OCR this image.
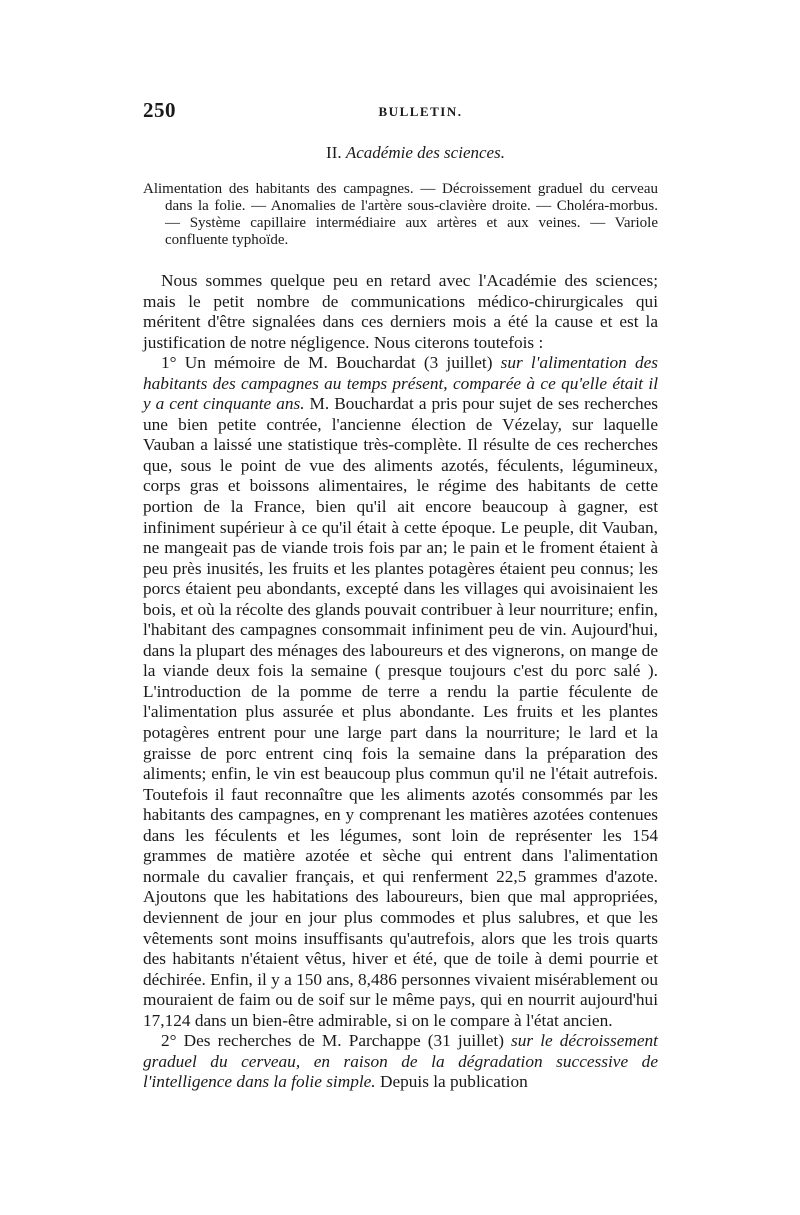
250	BULLETIN.
II. Académie des sciences.
Alimentation des habitants des campagnes. — Décroissement graduel du cerveau dans la folie. — Anomalies de l'artère sous-clavière droite. — Choléra-morbus. — Système capillaire intermédiaire aux artères et aux veines. — Variole confluente typhoïde.

Nous sommes quelque peu en retard avec l'Académie des sciences; mais le petit nombre de communications médico-chirurgicales qui méritent d'être signalées dans ces derniers mois a été la cause et est la justification de notre négligence. Nous citerons toutefois :

1° Un mémoire de M. Bouchardat (3 juillet) sur l'alimentation des habitants des campagnes au temps présent, comparée à ce qu'elle était il y a cent cinquante ans. M. Bouchardat a pris pour sujet de ses recherches une bien petite contrée, l'ancienne élection de Vézelay, sur laquelle Vauban a laissé une statistique très-complète. Il résulte de ces recherches que, sous le point de vue des aliments azotés, féculents, légumineux, corps gras et boissons alimentaires, le régime des habitants de cette portion de la France, bien qu'il ait encore beaucoup à gagner, est infiniment supérieur à ce qu'il était à cette époque. Le peuple, dit Vauban, ne mangeait pas de viande trois fois par an; le pain et le froment étaient à peu près inusités, les fruits et les plantes potagères étaient peu connus; les porcs étaient peu abondants, excepté dans les villages qui avoisinaient les bois, et où la récolte des glands pouvait contribuer à leur nourriture; enfin, l'habitant des campagnes consommait infiniment peu de vin. Aujourd'hui, dans la plupart des ménages des laboureurs et des vignerons, on mange de la viande deux fois la semaine ( presque toujours c'est du porc salé ). L'introduction de la pomme de terre a rendu la partie féculente de l'alimentation plus assurée et plus abondante. Les fruits et les plantes potagères entrent pour une large part dans la nourriture; le lard et la graisse de porc entrent cinq fois la semaine dans la préparation des aliments; enfin, le vin est beaucoup plus commun qu'il ne l'était autrefois. Toutefois il faut reconnaître que les aliments azotés consommés par les habitants des campagnes, en y comprenant les matières azotées contenues dans les féculents et les légumes, sont loin de représenter les 154 grammes de matière azotée et sèche qui entrent dans l'alimentation normale du cavalier français, et qui renferment 22,5 grammes d'azote. Ajoutons que les habitations des laboureurs, bien que mal appropriées, deviennent de jour en jour plus commodes et plus salubres, et que les vêtements sont moins insuffisants qu'autrefois, alors que les trois quarts des habitants n'étaient vêtus, hiver et été, que de toile à demi pourrie et déchirée. Enfin, il y a 150 ans, 8,486 personnes vivaient misérablement ou mouraient de faim ou de soif sur le même pays, qui en nourrit aujourd'hui 17,124 dans un bien-être admirable, si on le compare à l'état ancien.

2° Des recherches de M. Parchappe (31 juillet) sur le décroissement graduel du cerveau, en raison de la dégradation successive de l'intelligence dans la folie simple. Depuis la publication
